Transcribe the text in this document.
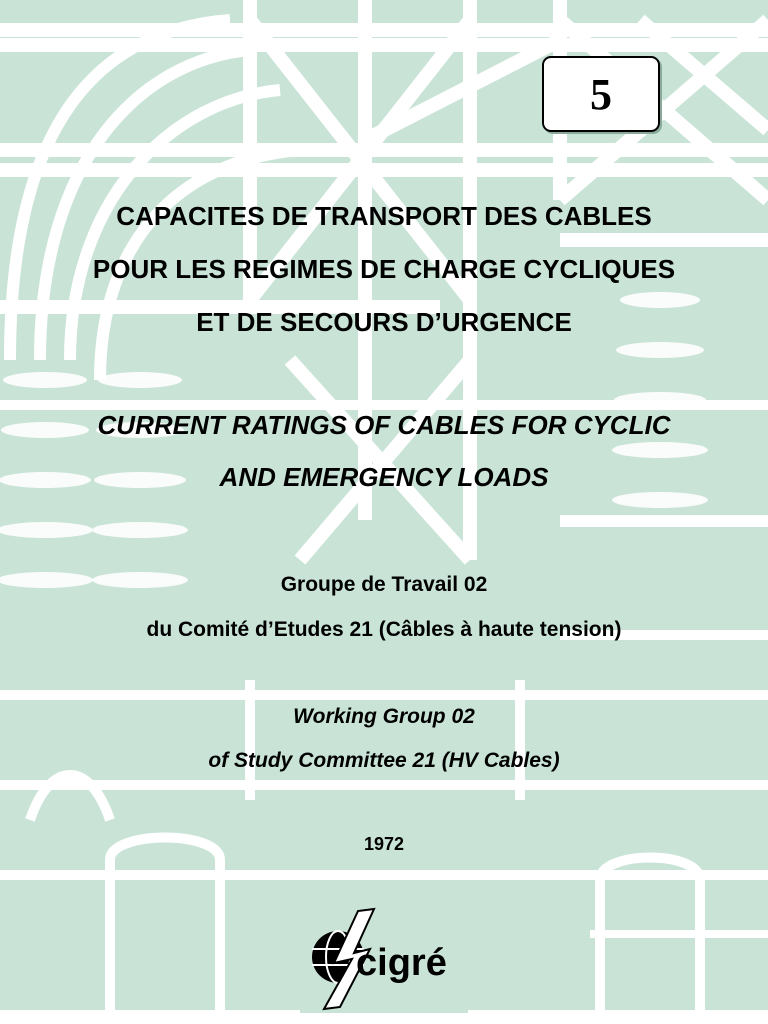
5

CAPACITES DE TRANSPORT DES CABLES

POUR LES REGIMES DE CHARGE CYCLIQUES

ET DE SECOURS D’URGENCE

CURRENT RATINGS OF CABLES FOR CYCLIC

AND EMERGENCY LOADS

Groupe de Travail 02

du Comité d’Etudes 21 (Câbles à haute tension)

Working Group 02

of Study Committee 21 (HV Cables)

1972

cigré
